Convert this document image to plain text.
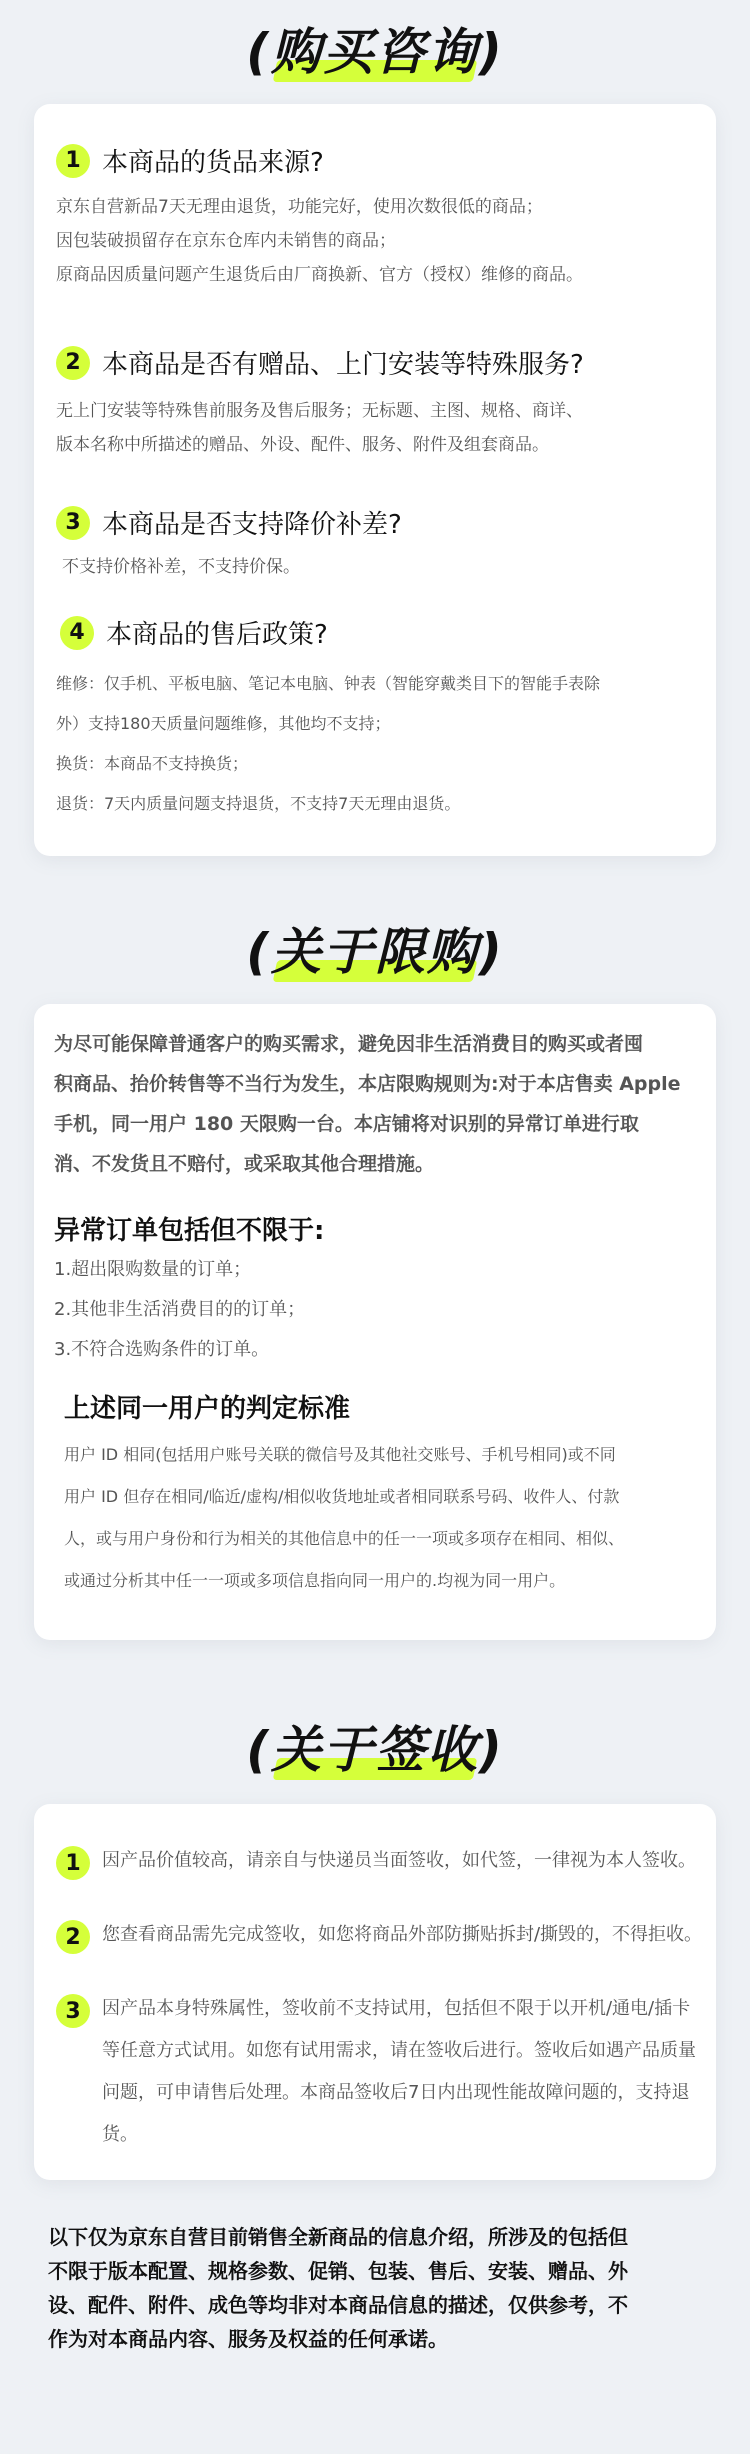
(购买咨询)
1 本商品的货品来源?
京东自营新品7天无理由退货，功能完好，使用次数很低的商品；
因包装破损留存在京东仓库内未销售的商品；
原商品因质量问题产生退货后由厂商换新、官方（授权）维修的商品。
2 本商品是否有赠品、上门安装等特殊服务?
无上门安装等特殊售前服务及售后服务；无标题、主图、规格、商详、
版本名称中所描述的赠品、外设、配件、服务、附件及组套商品。
3 本商品是否支持降价补差?
不支持价格补差，不支持价保。
4 本商品的售后政策?
维修：仅手机、平板电脑、笔记本电脑、钟表（智能穿戴类目下的智能手表除
外）支持180天质量问题维修，其他均不支持；
换货：本商品不支持换货；
退货：7天内质量问题支持退货，不支持7天无理由退货。
(关于限购)
为尽可能保障普通客户的购买需求，避免因非生活消费目的购买或者囤
积商品、抬价转售等不当行为发生，本店限购规则为:对于本店售卖 Apple
手机，同一用户 180 天限购一台。本店铺将对识别的异常订单进行取
消、不发货且不赔付，或采取其他合理措施。
异常订单包括但不限于:
1.超出限购数量的订单；
2.其他非生活消费目的的订单；
3.不符合选购条件的订单。
上述同一用户的判定标准
用户 ID 相同(包括用户账号关联的微信号及其他社交账号、手机号相同)或不同
用户 ID 但存在相同/临近/虚构/相似收货地址或者相同联系号码、收件人、付款
人，或与用户身份和行为相关的其他信息中的任一一项或多项存在相同、相似、
或通过分析其中任一一项或多项信息指向同一用户的.均视为同一用户。
(关于签收)
1	因产品价值较高，请亲自与快递员当面签收，如代签，一律视为本人签收。
2	您查看商品需先完成签收，如您将商品外部防撕贴拆封/撕毁的，不得拒收。
3	因产品本身特殊属性，签收前不支持试用，包括但不限于以开机/通电/插卡等任意方式试用。如您有试用需求，请在签收后进行。签收后如遇产品质量问题，可申请售后处理。本商品签收后7日内出现性能故障问题的，支持退货。
以下仅为京东自营目前销售全新商品的信息介绍，所涉及的包括但
不限于版本配置、规格参数、促销、包装、售后、安装、赠品、外
设、配件、附件、成色等均非对本商品信息的描述，仅供参考，不
作为对本商品内容、服务及权益的任何承诺。
